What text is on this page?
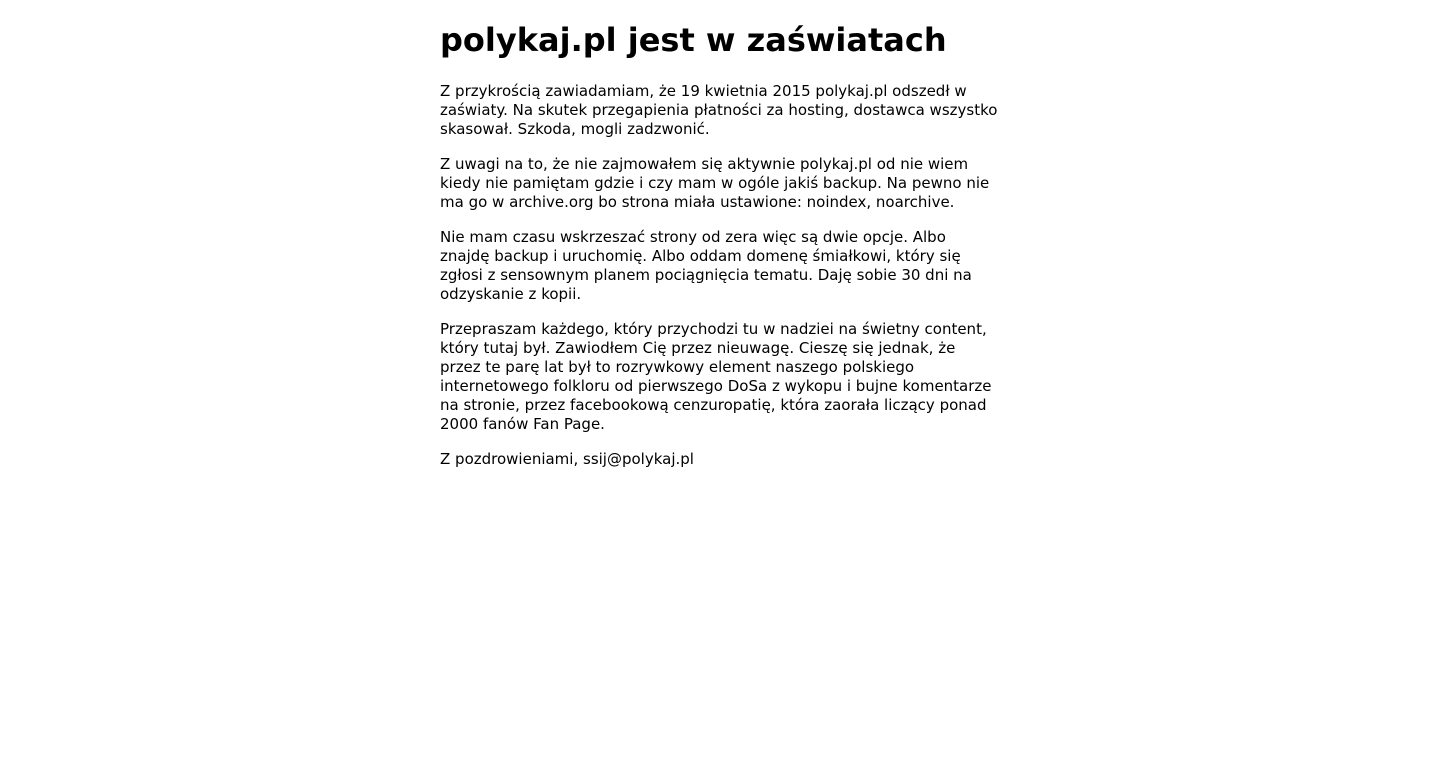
polykaj.pl jest w zaświatach

Z przykrością zawiadamiam, że 19 kwietnia 2015 polykaj.pl odszedł w zaświaty. Na skutek przegapienia płatności za hosting, dostawca wszystko skasował. Szkoda, mogli zadzwonić.

Z uwagi na to, że nie zajmowałem się aktywnie polykaj.pl od nie wiem kiedy nie pamiętam gdzie i czy mam w ogóle jakiś backup. Na pewno nie ma go w archive.org bo strona miała ustawione: noindex, noarchive.

Nie mam czasu wskrzeszać strony od zera więc są dwie opcje. Albo znajdę backup i uruchomię. Albo oddam domenę śmiałkowi, który się zgłosi z sensownym planem pociągnięcia tematu. Daję sobie 30 dni na odzyskanie z kopii.

Przepraszam każdego, który przychodzi tu w nadziei na świetny content, który tutaj był. Zawiodłem Cię przez nieuwagę. Cieszę się jednak, że przez te parę lat był to rozrywkowy element naszego polskiego internetowego folkloru od pierwszego DoSa z wykopu i bujne komentarze na stronie, przez facebookową cenzuropatię, która zaorała liczący ponad 2000 fanów Fan Page.

Z pozdrowieniami, ssij@polykaj.pl
